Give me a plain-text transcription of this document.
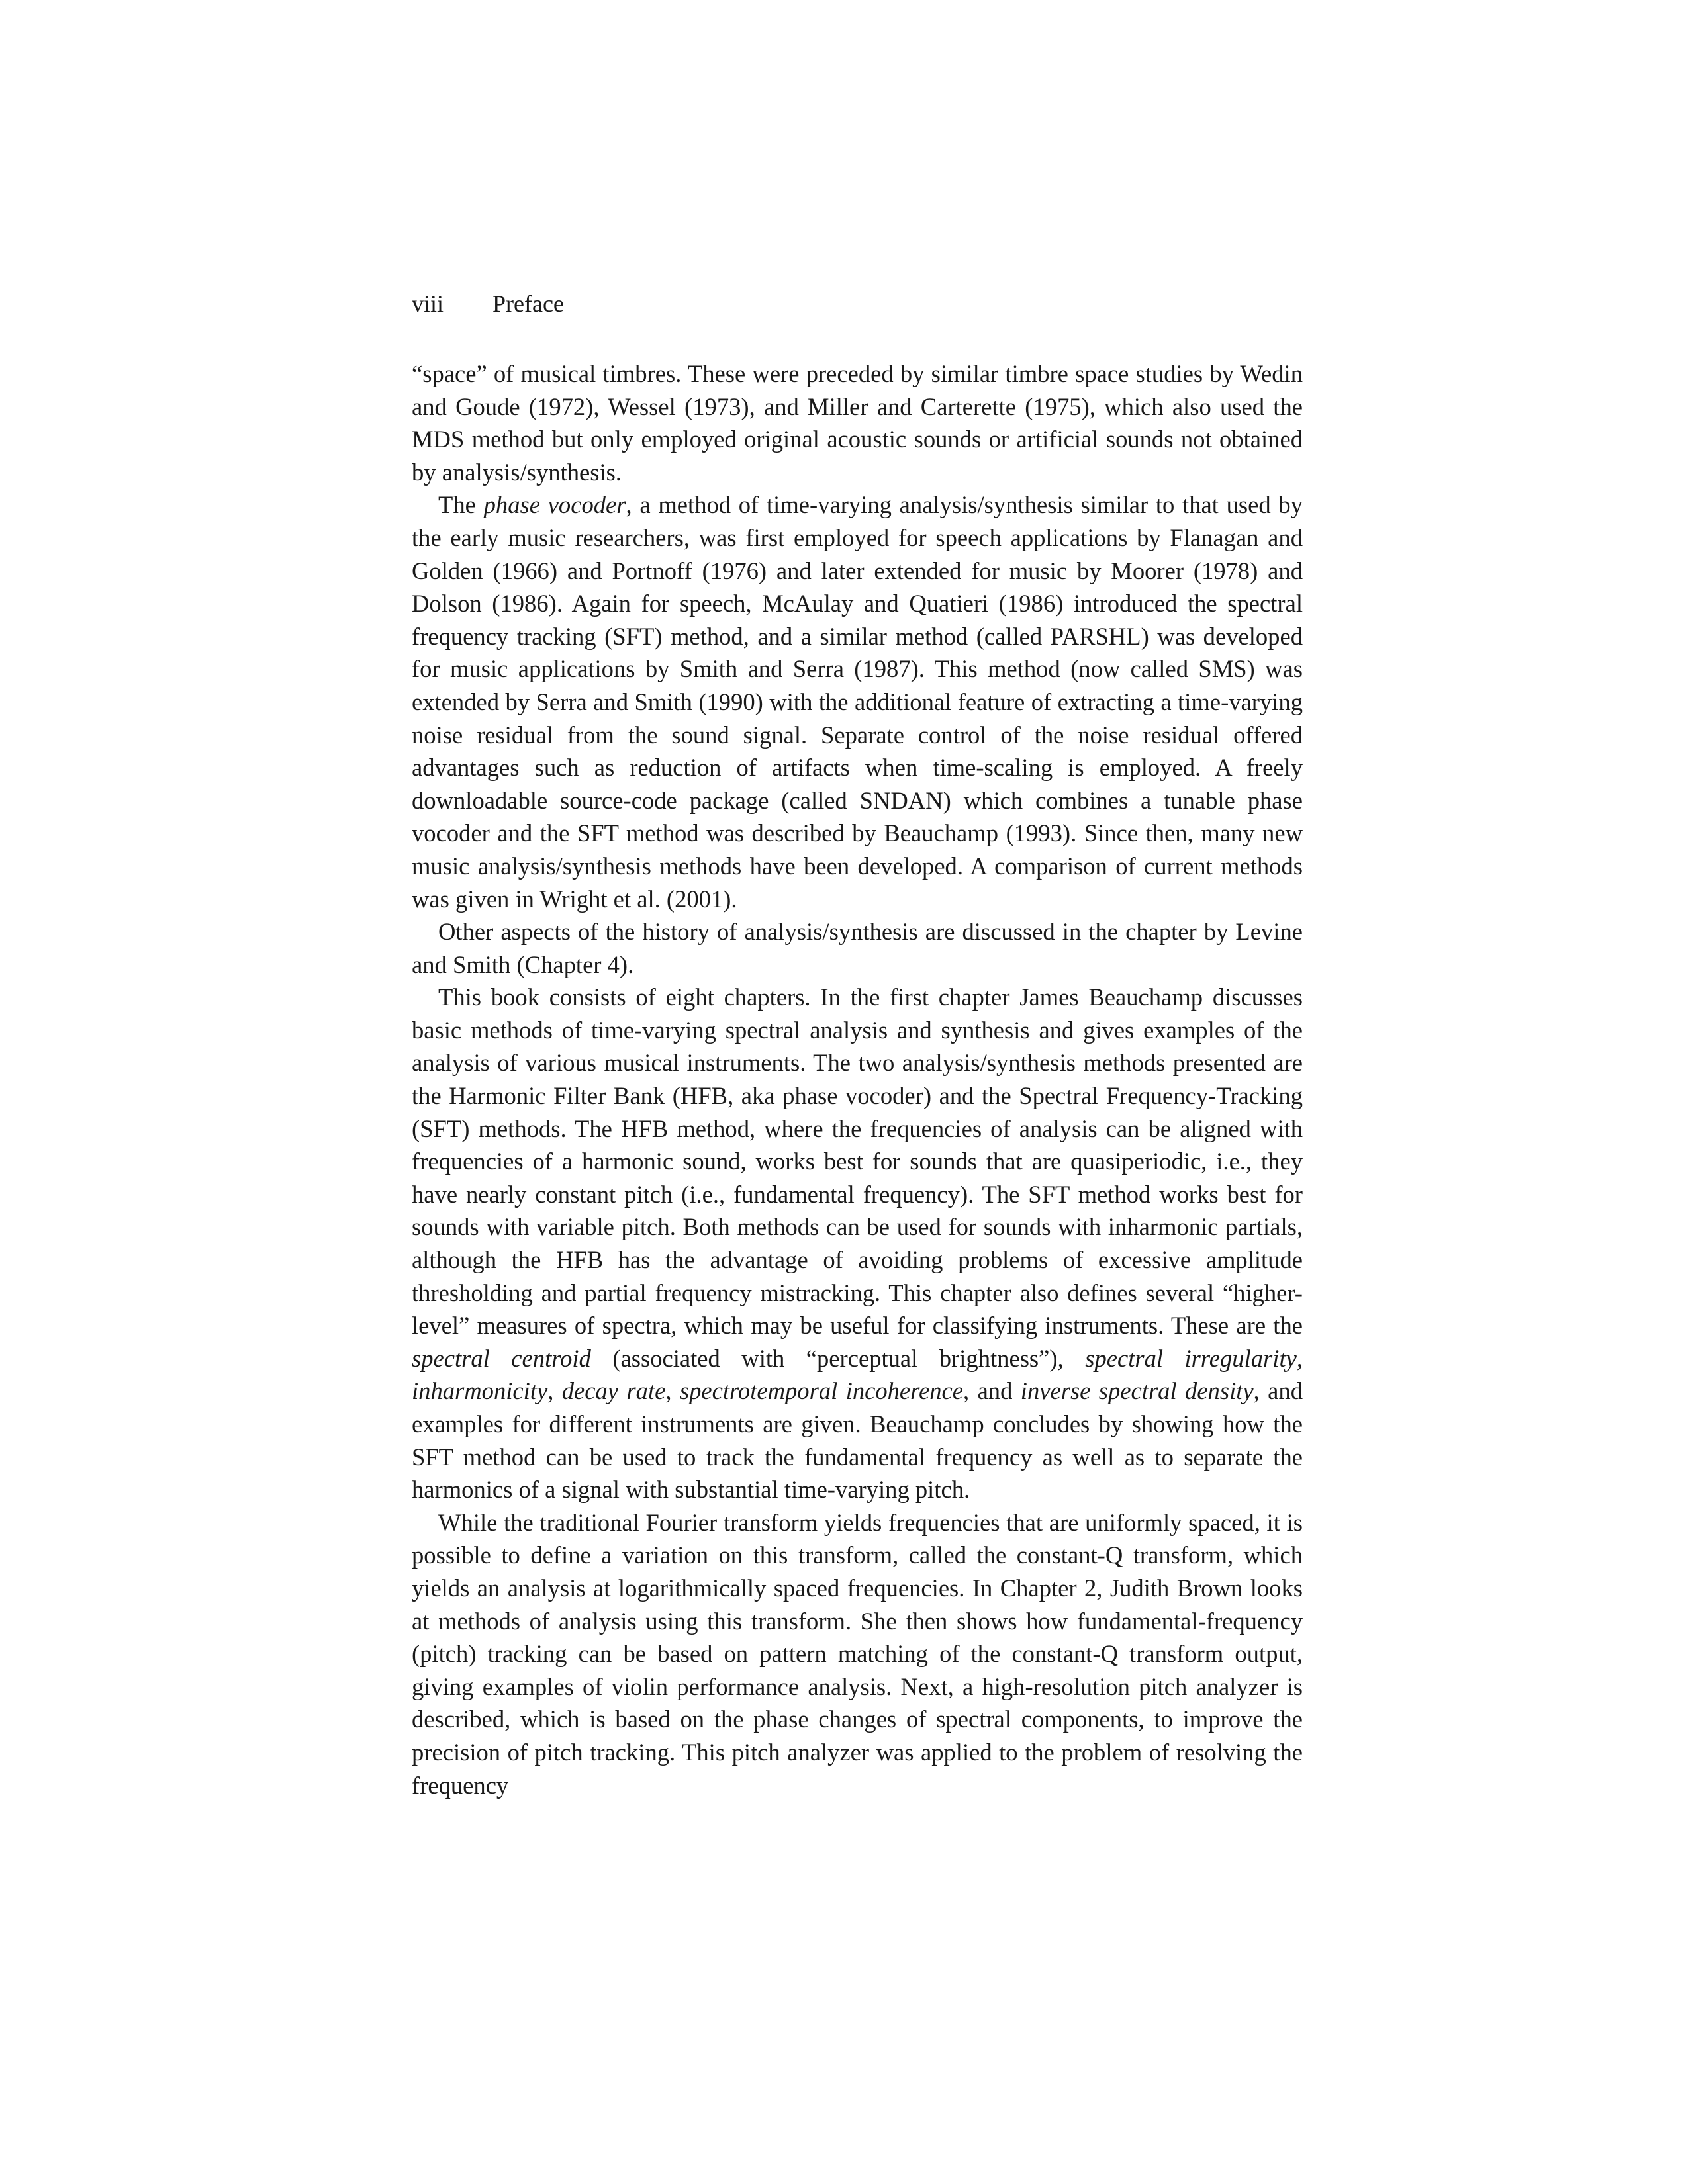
viii Preface

“space” of musical timbres. These were preceded by similar timbre space studies by Wedin and Goude (1972), Wessel (1973), and Miller and Carterette (1975), which also used the MDS method but only employed original acoustic sounds or artificial sounds not obtained by analysis/synthesis.

The phase vocoder, a method of time-varying analysis/synthesis similar to that used by the early music researchers, was first employed for speech applications by Flanagan and Golden (1966) and Portnoff (1976) and later extended for music by Moorer (1978) and Dolson (1986). Again for speech, McAulay and Quatieri (1986) introduced the spectral frequency tracking (SFT) method, and a similar method (called PARSHL) was developed for music applications by Smith and Serra (1987). This method (now called SMS) was extended by Serra and Smith (1990) with the additional feature of extracting a time-varying noise residual from the sound signal. Separate control of the noise residual offered advantages such as reduction of artifacts when time-scaling is employed. A freely downloadable source-code package (called SNDAN) which combines a tunable phase vocoder and the SFT method was described by Beauchamp (1993). Since then, many new music analysis/synthesis methods have been developed. A comparison of current methods was given in Wright et al. (2001).

Other aspects of the history of analysis/synthesis are discussed in the chapter by Levine and Smith (Chapter 4).

This book consists of eight chapters. In the first chapter James Beauchamp discusses basic methods of time-varying spectral analysis and synthesis and gives examples of the analysis of various musical instruments. The two analysis/synthesis methods presented are the Harmonic Filter Bank (HFB, aka phase vocoder) and the Spectral Frequency-Tracking (SFT) methods. The HFB method, where the frequencies of analysis can be aligned with frequencies of a harmonic sound, works best for sounds that are quasiperiodic, i.e., they have nearly constant pitch (i.e., fundamental frequency). The SFT method works best for sounds with variable pitch. Both methods can be used for sounds with inharmonic partials, although the HFB has the advantage of avoiding problems of excessive amplitude thresholding and partial frequency mistracking. This chapter also defines several “higher-level” measures of spectra, which may be useful for classifying instruments. These are the spectral centroid (associated with “perceptual brightness”), spectral irregularity, inharmonicity, decay rate, spectrotemporal incoherence, and inverse spectral density, and examples for different instruments are given. Beauchamp concludes by showing how the SFT method can be used to track the fundamental frequency as well as to separate the harmonics of a signal with substantial time-varying pitch.

While the traditional Fourier transform yields frequencies that are uniformly spaced, it is possible to define a variation on this transform, called the constant-Q transform, which yields an analysis at logarithmically spaced frequencies. In Chapter 2, Judith Brown looks at methods of analysis using this transform. She then shows how fundamental-frequency (pitch) tracking can be based on pattern matching of the constant-Q transform output, giving examples of violin performance analysis. Next, a high-resolution pitch analyzer is described, which is based on the phase changes of spectral components, to improve the precision of pitch tracking. This pitch analyzer was applied to the problem of resolving the frequency
